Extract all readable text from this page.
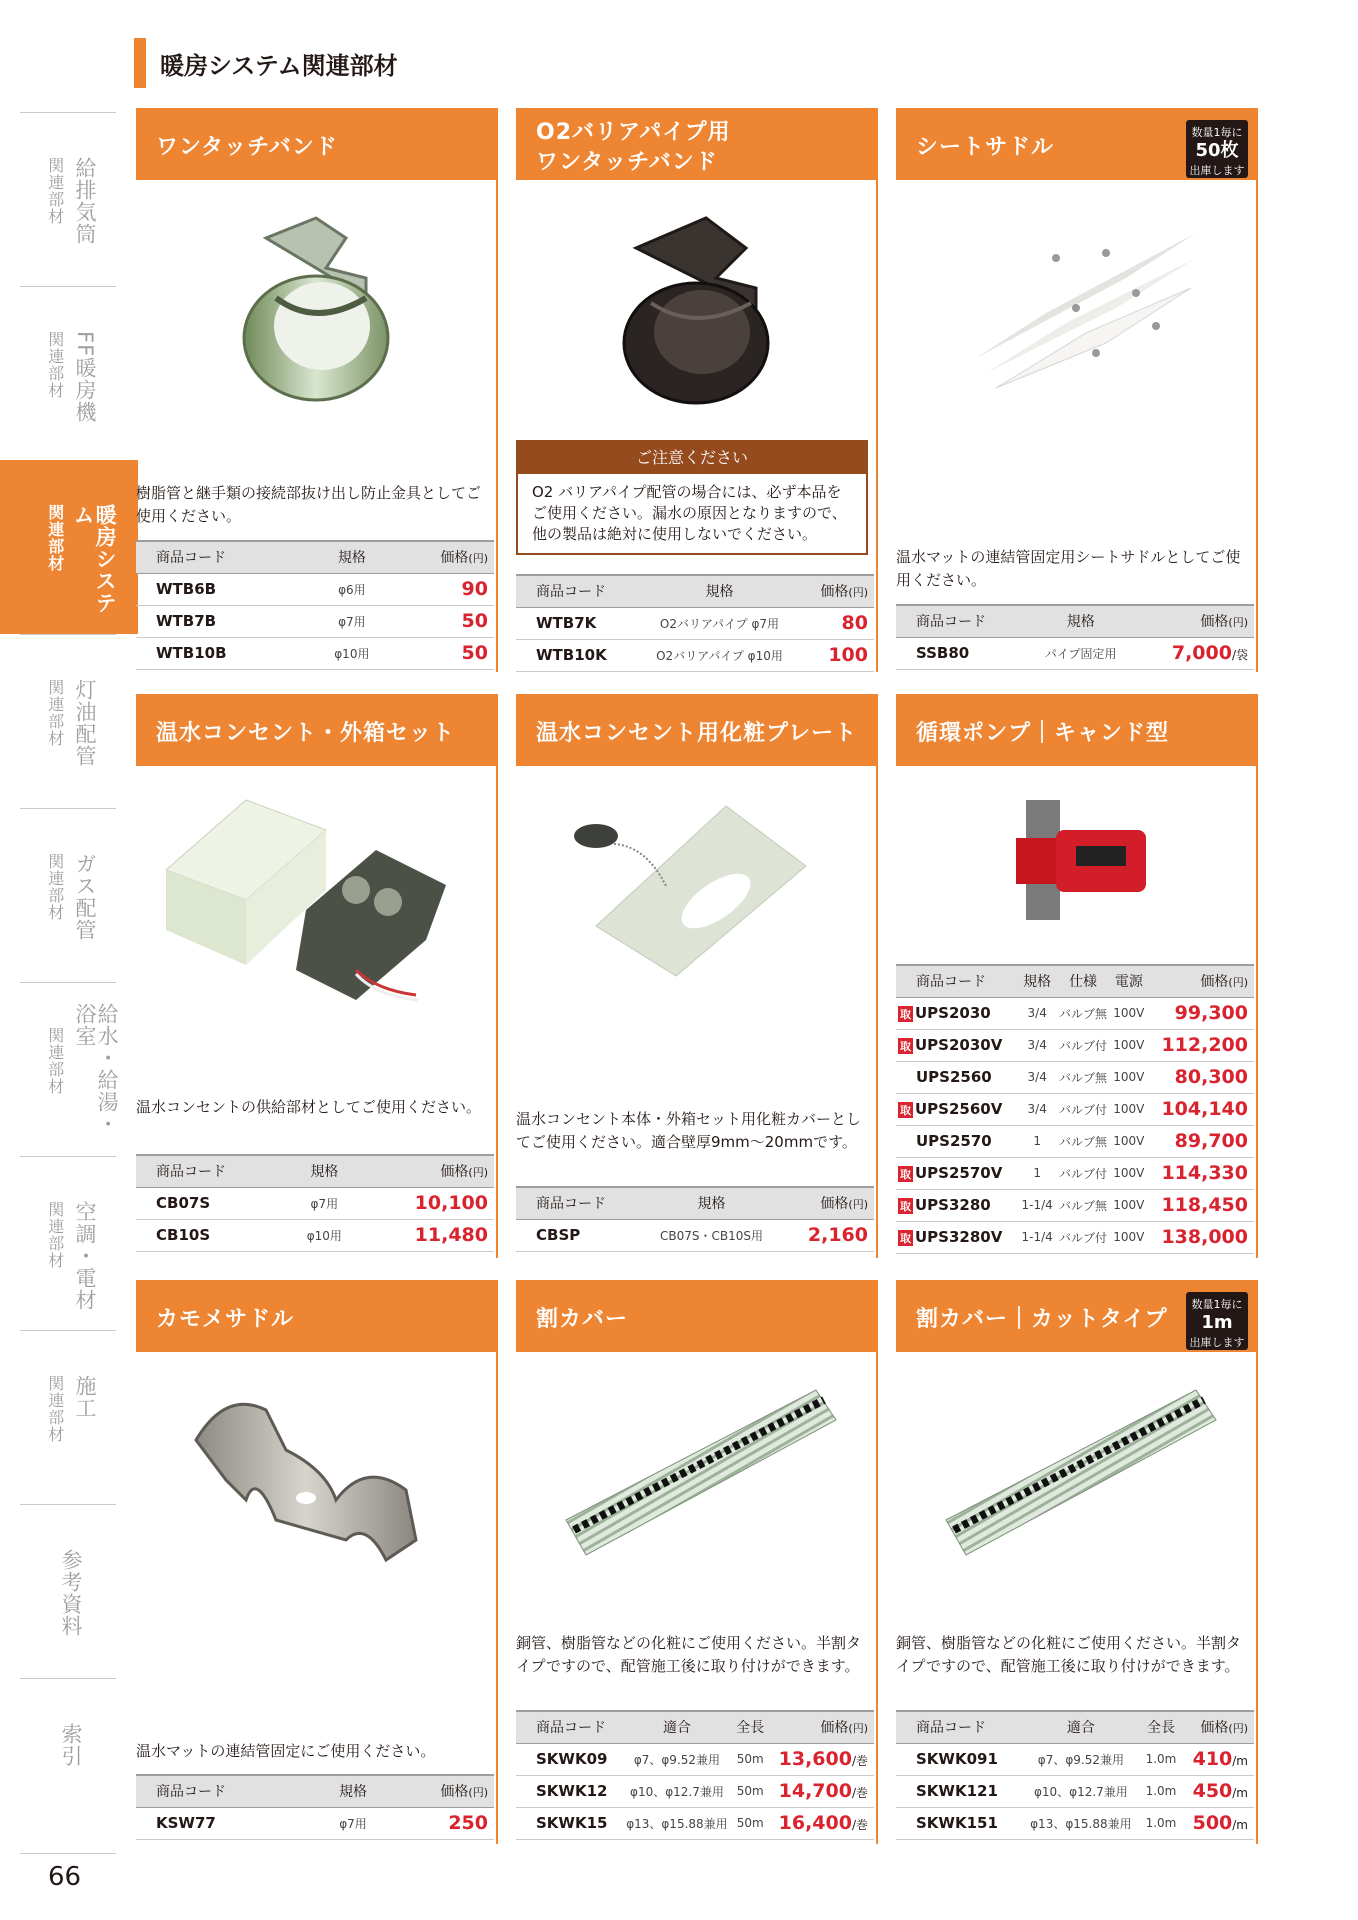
暖房システム関連部材
給排気筒
関連部材
FF暖房機
関連部材
暖房システム
関連部材
灯油配管
関連部材
ガス配管
関連部材
給水・給湯・浴室
関連部材
空調・電材
関連部材
施工
関連部材
参考資料
索引
66
ワンタッチバンド
樹脂管と継手類の接続部抜け出し防止金具としてご使用ください。
商品コード	規格	価格(円)
WTB6B	φ6用	90
WTB7B	φ7用	50
WTB10B	φ10用	50
O2バリアパイプ用
ワンタッチバンド
ご注意ください
O2 バリアパイプ配管の場合には、必ず本品をご使用ください。漏水の原因となりますので、他の製品は絶対に使用しないでください。
商品コード	規格	価格(円)
WTB7K	O2バリアパイプ φ7用	80
WTB10K	O2バリアパイプ φ10用	100
シートサドル
数量1毎に
50枚
出庫します
温水マットの連結管固定用シートサドルとしてご使用ください。
商品コード	規格	価格(円)
SSB80	パイプ固定用	7,000/袋
温水コンセント・外箱セット
温水コンセントの供給部材としてご使用ください。
商品コード	規格	価格(円)
CB07S	φ7用	10,100
CB10S	φ10用	11,480
温水コンセント用化粧プレート
温水コンセント本体・外箱セット用化粧カバーとしてご使用ください。適合壁厚9mm～20mmです。
商品コード	規格	価格(円)
CBSP	CB07S・CB10S用	2,160
循環ポンプ｜キャンド型
商品コード	規格	仕様	電源	価格(円)
取 UPS2030	3/4	バルブ無	100V	99,300
取 UPS2030V	3/4	バルブ付	100V	112,200
UPS2560	3/4	バルブ無	100V	80,300
取 UPS2560V	3/4	バルブ付	100V	104,140
UPS2570	1	バルブ無	100V	89,700
取 UPS2570V	1	バルブ付	100V	114,330
取 UPS3280	1-1/4	バルブ無	100V	118,450
取 UPS3280V	1-1/4	バルブ付	100V	138,000
カモメサドル
温水マットの連結管固定にご使用ください。
商品コード	規格	価格(円)
KSW77	φ7用	250
割カバー
銅管、樹脂管などの化粧にご使用ください。半割タイプですので、配管施工後に取り付けができます。
商品コード	適合	全長	価格(円)
SKWK09	φ7、φ9.52兼用	50m	13,600/巻
SKWK12	φ10、φ12.7兼用	50m	14,700/巻
SKWK15	φ13、φ15.88兼用	50m	16,400/巻
割カバー｜カットタイプ
数量1毎に
1m
出庫します
銅管、樹脂管などの化粧にご使用ください。半割タイプですので、配管施工後に取り付けができます。
商品コード	適合	全長	価格(円)
SKWK091	φ7、φ9.52兼用	1.0m	410/m
SKWK121	φ10、φ12.7兼用	1.0m	450/m
SKWK151	φ13、φ15.88兼用	1.0m	500/m
